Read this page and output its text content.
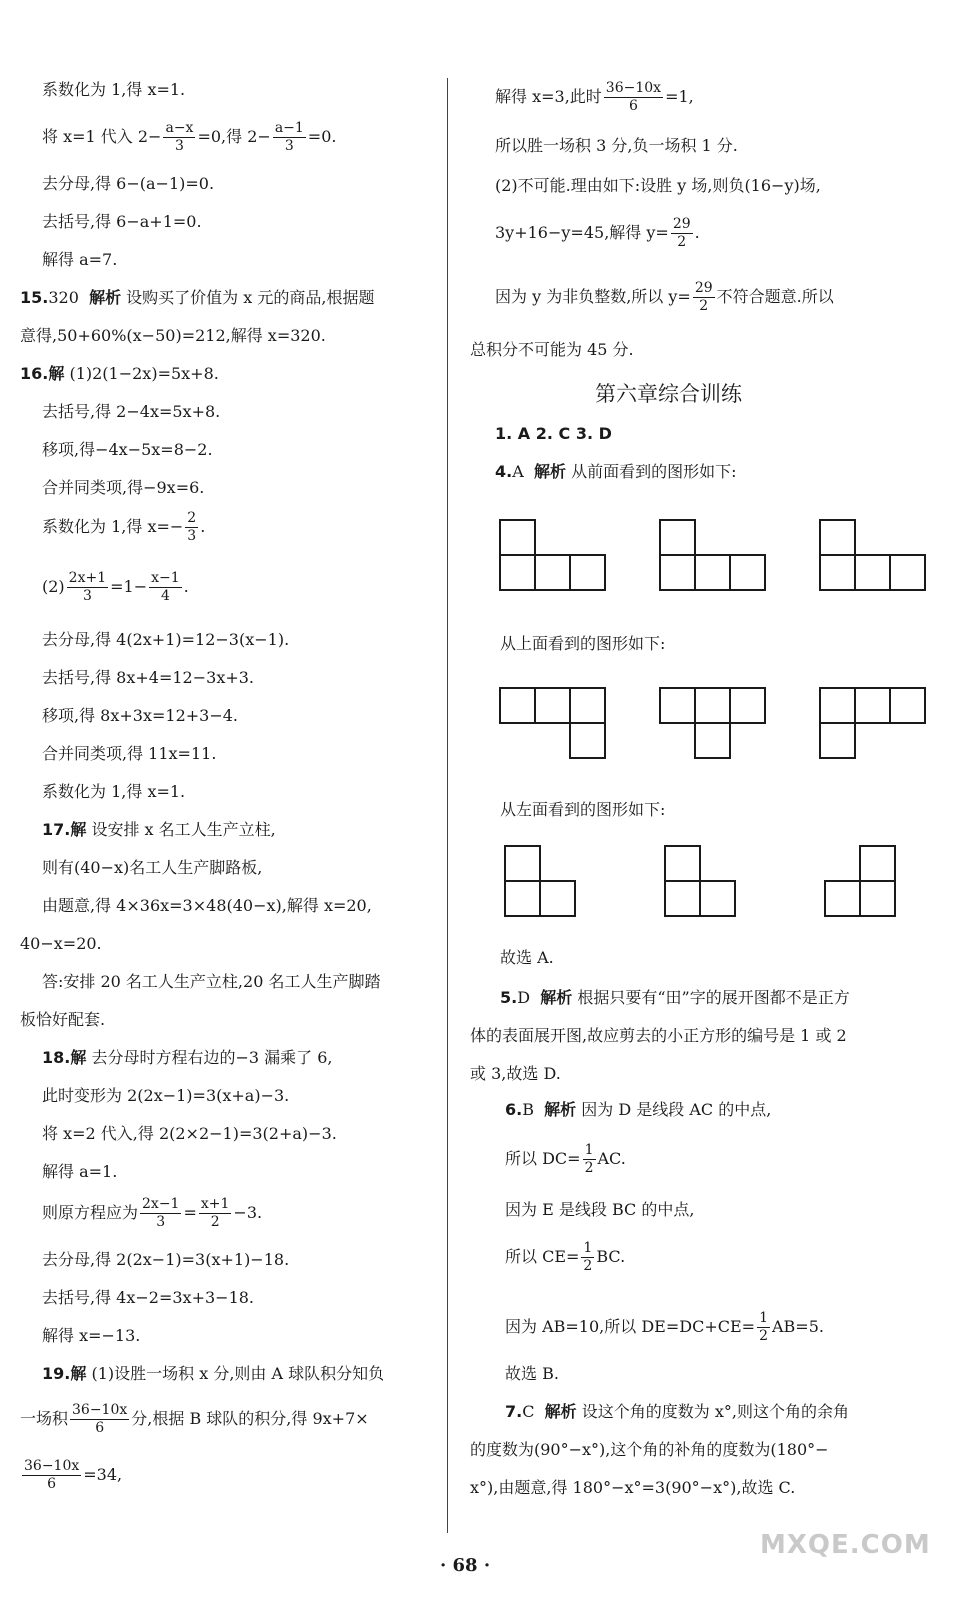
系数化为 1,得 x=1.
将 x=1 代入 $2- \frac{a-x}{3} =0$,得 $2- \frac{a-1}{3} =0$.
去分母,得 6−(a−1)=0.
去括号,得 6−a+1=0.
解得 a=7.
15.320 解析 设购买了价值为 x 元的商品,根据题
意得,50+60%(x−50)=212,解得 x=320.
16.解 (1)2(1−2x)=5x+8.
去括号,得 2−4x=5x+8.
移项,得−4x−5x=8−2.
合并同类项,得−9x=6.
系数化为 1,得 $x=- \frac{2}{3}$ .
$(2) \frac{2x+1}{3} =1- \frac{x-1}{4}$ .
去分母,得 4(2x+1)=12−3(x−1).
去括号,得 8x+4=12−3x+3.
移项,得 8x+3x=12+3−4.
合并同类项,得 11x=11.
系数化为 1,得 x=1.
17.解 设安排 x 名工人生产立柱,
则有(40−x)名工人生产脚路板,
由题意,得 4×36x=3×48(40−x),解得 x=20,
40−x=20.
答:安排 20 名工人生产立柱,20 名工人生产脚踏
板恰好配套.
18.解 去分母时方程右边的−3 漏乘了 6,
此时变形为 2(2x−1)=3(x+a)−3.
将 x=2 代入,得 2(2×2−1)=3(2+a)−3.
解得 a=1.
则原方程应为 $\frac{2x-1}{3} = \frac{x+1}{2} -3$.
去分母,得 2(2x−1)=3(x+1)−18.
去括号,得 4x−2=3x+3−18.
解得 x=−13.
19.解 (1)设胜一场积 x 分,则由 A 球队积分知负
一场积 $\frac{36-10x}{6}$ 分,根据 B 球队的积分,得 9x+7×
$\frac{36-10x}{6} =34$,
解得 x=3,此时 $\frac{36-10x}{6} =1$,
所以胜一场积 3 分,负一场积 1 分.
(2)不可能.理由如下:设胜 y 场,则负(16−y)场,
3y+16−y=45,解得 $y= \frac{29}{2}$ .
因为 y 为非负整数,所以 $y= \frac{29}{2}$ 不符合题意.所以
总积分不可能为 45 分.
第六章综合训练
1. A 2. C 3. D
4.A 解析 从前面看到的图形如下:
从上面看到的图形如下:
从左面看到的图形如下:
故选 A.
5.D 解析 根据只要有“田”字的展开图都不是正方
体的表面展开图,故应剪去的小正方形的编号是 1 或 2
或 3,故选 D.
6.B 解析 因为 D 是线段 AC 的中点,
所以 $DC= \frac{1}{2}$ AC.
因为 E 是线段 BC 的中点,
所以 $CE= \frac{1}{2}$ BC.
因为 AB=10,所以 $DE=DC+CE= \frac{1}{2} AB=5$.
故选 B.
7.C 解析 设这个角的度数为 x°,则这个角的余角
的度数为(90°−x°),这个角的补角的度数为(180°−
x°),由题意,得 180°−x°=3(90°−x°),故选 C.
· 68 ·
MXQE.COM
